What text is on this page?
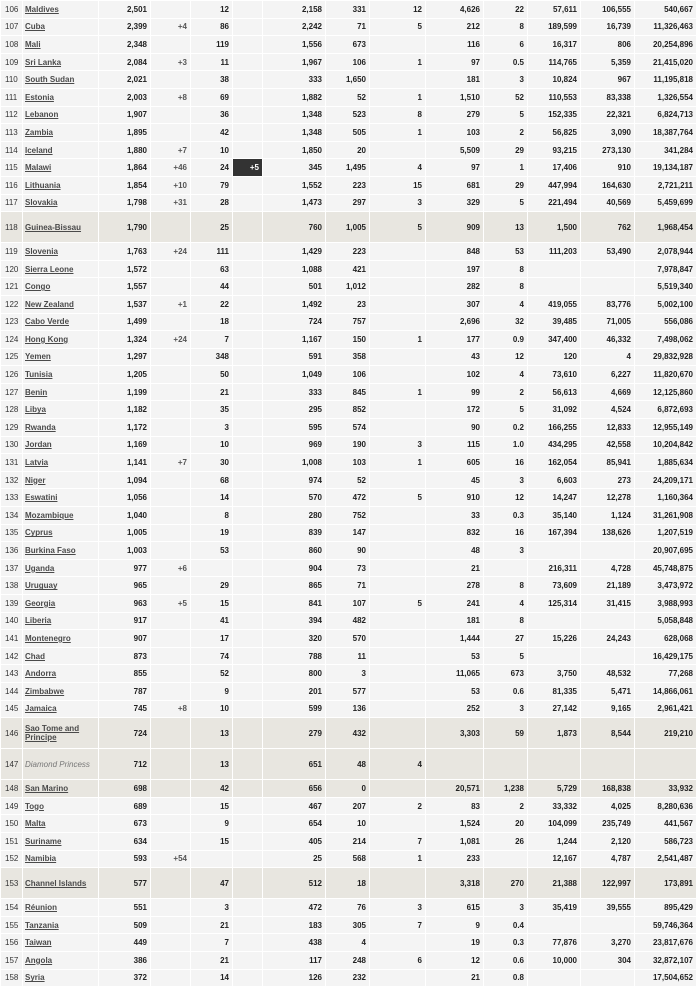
106	Maldives	2,501		12		2,158	331	12	4,626	22	57,611	106,555	540,667
107	Cuba	2,399	+4	86		2,242	71	5	212	8	189,599	16,739	11,326,463
108	Mali	2,348		119		1,556	673		116	6	16,317	806	20,254,896
109	Sri Lanka	2,084	+3	11		1,967	106	1	97	0.5	114,765	5,359	21,415,020
110	South Sudan	2,021		38		333	1,650		181	3	10,824	967	11,195,818
111	Estonia	2,003	+8	69		1,882	52	1	1,510	52	110,553	83,338	1,326,554
112	Lebanon	1,907		36		1,348	523	8	279	5	152,335	22,321	6,824,713
113	Zambia	1,895		42		1,348	505	1	103	2	56,825	3,090	18,387,764
114	Iceland	1,880	+7	10		1,850	20		5,509	29	93,215	273,130	341,284
115	Malawi	1,864	+46	24	+5	345	1,495	4	97	1	17,406	910	19,134,187
116	Lithuania	1,854	+10	79		1,552	223	15	681	29	447,994	164,630	2,721,211
117	Slovakia	1,798	+31	28		1,473	297	3	329	5	221,494	40,569	5,459,699
118	Guinea-Bissau	1,790		25		760	1,005	5	909	13	1,500	762	1,968,454
119	Slovenia	1,763	+24	111		1,429	223		848	53	111,203	53,490	2,078,944
120	Sierra Leone	1,572		63		1,088	421		197	8			7,978,847
121	Congo	1,557		44		501	1,012		282	8			5,519,340
122	New Zealand	1,537	+1	22		1,492	23		307	4	419,055	83,776	5,002,100
123	Cabo Verde	1,499		18		724	757		2,696	32	39,485	71,005	556,086
124	Hong Kong	1,324	+24	7		1,167	150	1	177	0.9	347,400	46,332	7,498,062
125	Yemen	1,297		348		591	358		43	12	120	4	29,832,928
126	Tunisia	1,205		50		1,049	106		102	4	73,610	6,227	11,820,670
127	Benin	1,199		21		333	845	1	99	2	56,613	4,669	12,125,860
128	Libya	1,182		35		295	852		172	5	31,092	4,524	6,872,693
129	Rwanda	1,172		3		595	574		90	0.2	166,255	12,833	12,955,149
130	Jordan	1,169		10		969	190	3	115	1.0	434,295	42,558	10,204,842
131	Latvia	1,141	+7	30		1,008	103	1	605	16	162,054	85,941	1,885,634
132	Niger	1,094		68		974	52		45	3	6,603	273	24,209,171
133	Eswatini	1,056		14		570	472	5	910	12	14,247	12,278	1,160,364
134	Mozambique	1,040		8		280	752		33	0.3	35,140	1,124	31,261,908
135	Cyprus	1,005		19		839	147		832	16	167,394	138,626	1,207,519
136	Burkina Faso	1,003		53		860	90		48	3			20,907,695
137	Uganda	977	+6			904	73		21		216,311	4,728	45,748,875
138	Uruguay	965		29		865	71		278	8	73,609	21,189	3,473,972
139	Georgia	963	+5	15		841	107	5	241	4	125,314	31,415	3,988,993
140	Liberia	917		41		394	482		181	8			5,058,848
141	Montenegro	907		17		320	570		1,444	27	15,226	24,243	628,068
142	Chad	873		74		788	11		53	5			16,429,175
143	Andorra	855		52		800	3		11,065	673	3,750	48,532	77,268
144	Zimbabwe	787		9		201	577		53	0.6	81,335	5,471	14,866,061
145	Jamaica	745	+8	10		599	136		252	3	27,142	9,165	2,961,421
146	Sao Tome and Principe	724		13		279	432		3,303	59	1,873	8,544	219,210
147	Diamond Princess	712		13		651	48	4					
148	San Marino	698		42		656	0		20,571	1,238	5,729	168,838	33,932
149	Togo	689		15		467	207	2	83	2	33,332	4,025	8,280,636
150	Malta	673		9		654	10		1,524	20	104,099	235,749	441,567
151	Suriname	634		15		405	214	7	1,081	26	1,244	2,120	586,723
152	Namibia	593	+54			25	568	1	233		12,167	4,787	2,541,487
153	Channel Islands	577		47		512	18		3,318	270	21,388	122,997	173,891
154	Réunion	551		3		472	76	3	615	3	35,419	39,555	895,429
155	Tanzania	509		21		183	305	7	9	0.4			59,746,364
156	Taiwan	449		7		438	4		19	0.3	77,876	3,270	23,817,676
157	Angola	386		21		117	248	6	12	0.6	10,000	304	32,872,107
158	Syria	372		14		126	232		21	0.8			17,504,652
